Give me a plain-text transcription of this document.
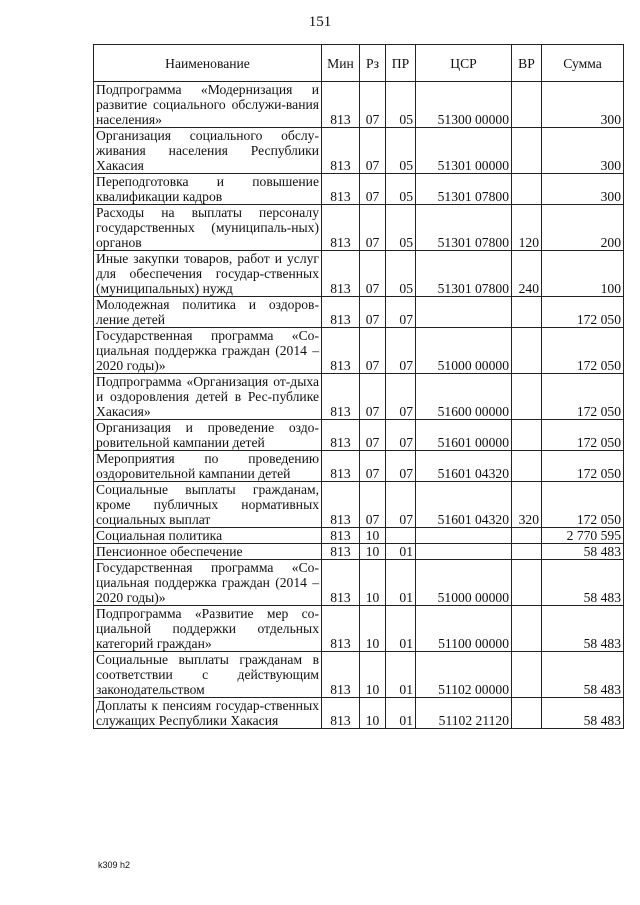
151
Наименование	Мин	Рз	ПР	ЦСР	ВР	Сумма
Подпрограмма «Модернизация и развитие социального обслужи-вания населения»	813	07	05	51300 00000		300
Организация социального обслу-живания населения Республики Хакасия	813	07	05	51301 00000		300
Переподготовка и повышение квалификации кадров	813	07	05	51301 07800		300
Расходы на выплаты персоналу государственных (муниципаль-ных) органов	813	07	05	51301 07800	120	200
Иные закупки товаров, работ и услуг для обеспечения государ-ственных (муниципальных) нужд	813	07	05	51301 07800	240	100
Молодежная политика и оздоров-ление детей	813	07	07			172 050
Государственная программа «Со-циальная поддержка граждан (2014 – 2020 годы)»	813	07	07	51000 00000		172 050
Подпрограмма «Организация от-дыха и оздоровления детей в Рес-публике Хакасия»	813	07	07	51600 00000		172 050
Организация и проведение оздо-ровительной кампании детей	813	07	07	51601 00000		172 050
Мероприятия по проведению оздоровительной кампании детей	813	07	07	51601 04320		172 050
Социальные выплаты гражданам, кроме публичных нормативных социальных выплат	813	07	07	51601 04320	320	172 050
Социальная политика	813	10				2 770 595
Пенсионное обеспечение	813	10	01			58 483
Государственная программа «Со-циальная поддержка граждан (2014 – 2020 годы)»	813	10	01	51000 00000		58 483
Подпрограмма «Развитие мер со-циальной поддержки отдельных категорий граждан»	813	10	01	51100 00000		58 483
Социальные выплаты гражданам в соответствии с действующим законодательством	813	10	01	51102 00000		58 483
Доплаты к пенсиям государ-ственных служащих Республики Хакасия	813	10	01	51102 21120		58 483
k309 h2
